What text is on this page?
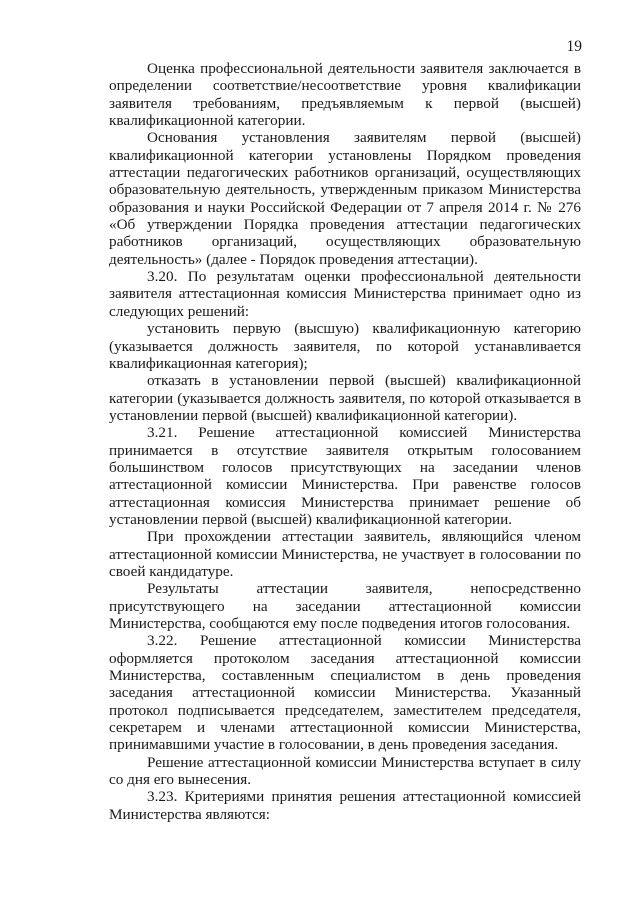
19

Оценка профессиональной деятельности заявителя заключается в определении соответствие/несоответствие уровня квалификации заявителя требованиям, предъявляемым к первой (высшей) квалификационной категории.

Основания установления заявителям первой (высшей) квалификационной категории установлены Порядком проведения аттестации педагогических работников организаций, осуществляющих образовательную деятельность, утвержденным приказом Министерства образования и науки Российской Федерации от 7 апреля 2014 г. № 276 «Об утверждении Порядка проведения аттестации педагогических работников организаций, осуществляющих образовательную деятельность» (далее - Порядок проведения аттестации).

3.20. По результатам оценки профессиональной деятельности заявителя аттестационная комиссия Министерства принимает одно из следующих решений:

установить первую (высшую) квалификационную категорию (указывается должность заявителя, по которой устанавливается квалификационная категория);

отказать в установлении первой (высшей) квалификационной категории (указывается должность заявителя, по которой отказывается в установлении первой (высшей) квалификационной категории).

3.21. Решение аттестационной комиссией Министерства принимается в отсутствие заявителя открытым голосованием большинством голосов присутствующих на заседании членов аттестационной комиссии Министерства. При равенстве голосов аттестационная комиссия Министерства принимает решение об установлении первой (высшей) квалификационной категории.

При прохождении аттестации заявитель, являющийся членом аттестационной комиссии Министерства, не участвует в голосовании по своей кандидатуре.

Результаты аттестации заявителя, непосредственно присутствующего на заседании аттестационной комиссии Министерства, сообщаются ему после подведения итогов голосования.

3.22. Решение аттестационной комиссии Министерства оформляется протоколом заседания аттестационной комиссии Министерства, составленным специалистом в день проведения заседания аттестационной комиссии Министерства. Указанный протокол подписывается председателем, заместителем председателя, секретарем и членами аттестационной комиссии Министерства, принимавшими участие в голосовании, в день проведения заседания.

Решение аттестационной комиссии Министерства вступает в силу со дня его вынесения.

3.23. Критериями принятия решения аттестационной комиссией Министерства являются:
